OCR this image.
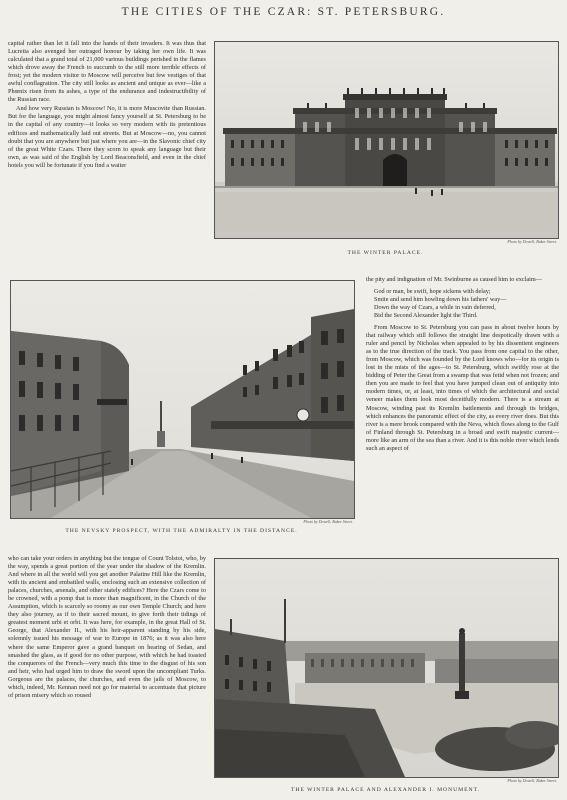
THE CITIES OF THE CZAR: ST. PETERSBURG.

capital rather than let it fall into the hands of their invaders. It was thus that Lucretia also avenged her outraged honour by taking her own life. It was calculated that a grand total of 21,000 various buildings perished in the flames which drove away the French to succumb to the still more terrible effects of frost; yet the modern visitor to Moscow will perceive but few vestiges of that awful conflagration. The city still looks as ancient and unique as ever—like a Phœnix risen from its ashes, a type of the endurance and indestructibility of the Russian race.

And how very Russian is Moscow! No, it is more Muscovite than Russian. But for the language, you might almost fancy yourself at St. Petersburg to be in the capital of any country—it looks so very modern with its pretentious edifices and mathematically laid out streets. But at Moscow—no, you cannot doubt that you are anywhere but just where you are—in the Slavonic chief city of the great White Czars. There they scorn to speak any language but their own, as was said of the English by Lord Beaconsfield, and even in the chief hotels you will be fortunate if you find a waiter

Photo by Dowell, Baker Street.
THE WINTER PALACE.
Photo by Dowell, Baker Street.
THE NEVSKY PROSPECT, WITH THE ADMIRALTY IN THE DISTANCE.

the pity and indignation of Mr. Swinburne as caused him to exclaim—

God or man, be swift, hope sickens with delay;
Smite and send him howling down his fathers' way—
Down the way of Czars, a while in vain deferred,
Bid the Second Alexander light the Third.

From Moscow to St. Petersburg you can pass in about twelve hours by that railway which still follows the straight line despotically drawn with a ruler and pencil by Nicholas when appealed to by his dissentient engineers as to the true direction of the track. You pass from one capital to the other, from Moscow, which was founded by the Lord knows who—for its origin is lost in the mists of the ages—to St. Petersburg, which swiftly rose at the bidding of Peter the Great from a swamp that was fetid when not frozen; and then you are made to feel that you have jumped clean out of antiquity into modern times, or, at least, into times of which the architectural and social veneer makes them look most deceitfully modern. There is a stream at Moscow, winding past its Kremlin battlements and through its bridges, which enhances the panoramic effect of the city, as every river does. But this river is a mere brook compared with the Neva, which flows along to the Gulf of Finland through St. Petersburg in a broad and swift majestic current—more like an arm of the sea than a river. And it is this noble river which lends such an aspect of

who can take your orders in anything but the tongue of Count Tolstoi, who, by the way, spends a great portion of the year under the shadow of the Kremlin. And where in all the world will you get another Palatine Hill like the Kremlin, with its ancient and embattled walls, enclosing such an extensive collection of palaces, churches, arsenals, and other stately edifices? Here the Czars come to be crowned, with a pomp that is more than magnificent, in the Church of the Assumption, which is scarcely so roomy as our own Temple Church; and here they also journey, as if to their sacred mount, to give forth their tidings of greatest moment urbi et orbi. It was here, for example, in the great Hall of St. George, that Alexander II., with his heir-apparent standing by his side, solemnly issued his message of war to Europe in 1876; as it was also here where the same Emperor gave a grand banquet on hearing of Sedan, and smashed the glass, as if good for no other purpose, with which he had toasted the conquerors of the French—very much this time to the disgust of his son and heir, who had urged him to draw the sword upon the uncompliant Turks. Gorgeous are the palaces, the churches, and even the jails of Moscow, to which, indeed, Mr. Kennan need not go for material to accentuate that picture of prison misery which so roused

Photo by Dowell, Baker Street.
THE WINTER PALACE AND ALEXANDER I. MONUMENT.
